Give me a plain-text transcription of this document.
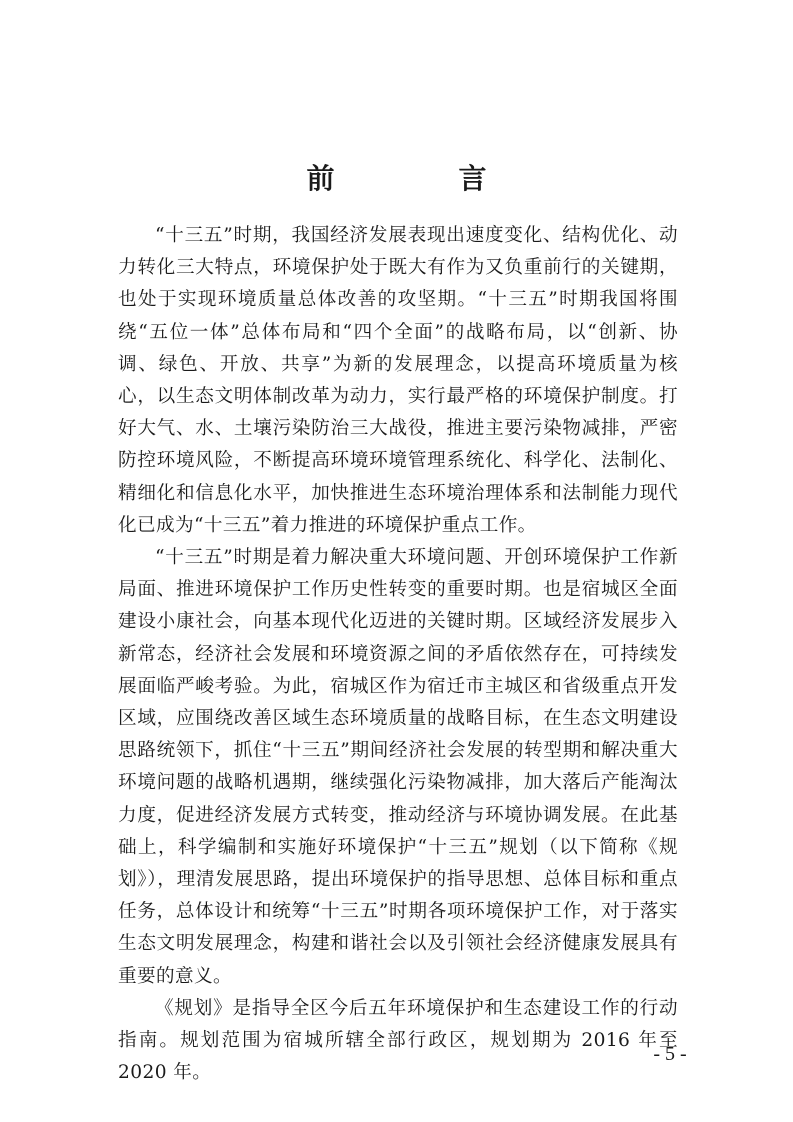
前　言

“十三五”时期，我国经济发展表现出速度变化、结构优化、动力转化三大特点，环境保护处于既大有作为又负重前行的关键期，也处于实现环境质量总体改善的攻坚期。“十三五”时期我国将围绕“五位一体”总体布局和“四个全面”的战略布局，以“创新、协调、绿色、开放、共享”为新的发展理念，以提高环境质量为核心，以生态文明体制改革为动力，实行最严格的环境保护制度。打好大气、水、土壤污染防治三大战役，推进主要污染物减排，严密防控环境风险，不断提高环境环境管理系统化、科学化、法制化、精细化和信息化水平，加快推进生态环境治理体系和法制能力现代化已成为“十三五”着力推进的环境保护重点工作。

“十三五”时期是着力解决重大环境问题、开创环境保护工作新局面、推进环境保护工作历史性转变的重要时期。也是宿城区全面建设小康社会，向基本现代化迈进的关键时期。区域经济发展步入新常态，经济社会发展和环境资源之间的矛盾依然存在，可持续发展面临严峻考验。为此，宿城区作为宿迁市主城区和省级重点开发区域，应围绕改善区域生态环境质量的战略目标，在生态文明建设思路统领下，抓住“十三五”期间经济社会发展的转型期和解决重大环境问题的战略机遇期，继续强化污染物减排，加大落后产能淘汰力度，促进经济发展方式转变，推动经济与环境协调发展。在此基础上，科学编制和实施好环境保护“十三五”规划（以下简称《规划》），理清发展思路，提出环境保护的指导思想、总体目标和重点任务，总体设计和统筹“十三五”时期各项环境保护工作，对于落实生态文明发展理念，构建和谐社会以及引领社会经济健康发展具有重要的意义。

《规划》是指导全区今后五年环境保护和生态建设工作的行动指南。规划范围为宿城所辖全部行政区，规划期为 2016 年至 2020 年。

- 5 -
